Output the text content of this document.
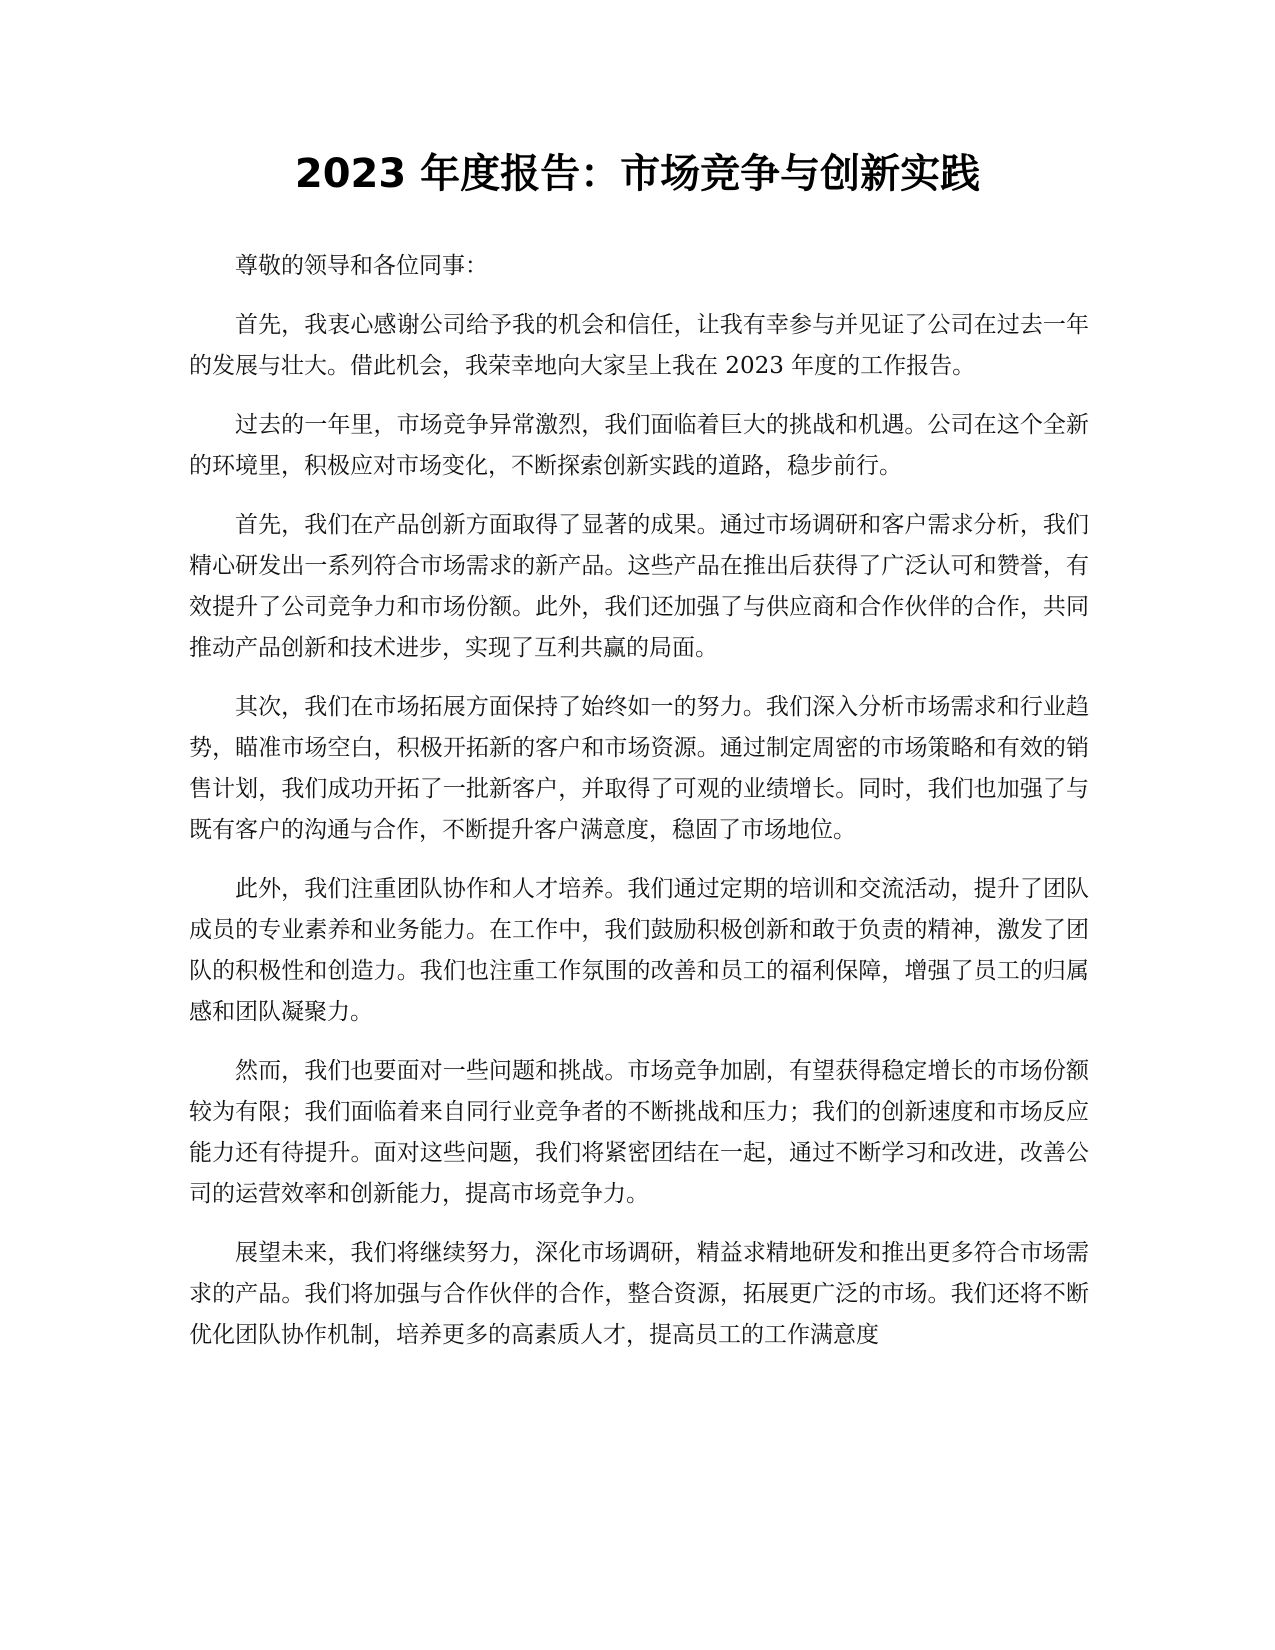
2023 年度报告：市场竞争与创新实践

尊敬的领导和各位同事：

首先，我衷心感谢公司给予我的机会和信任，让我有幸参与并见证了公司在过去一年的发展与壮大。借此机会，我荣幸地向大家呈上我在 2023 年度的工作报告。

过去的一年里，市场竞争异常激烈，我们面临着巨大的挑战和机遇。公司在这个全新的环境里，积极应对市场变化，不断探索创新实践的道路，稳步前行。

首先，我们在产品创新方面取得了显著的成果。通过市场调研和客户需求分析，我们精心研发出一系列符合市场需求的新产品。这些产品在推出后获得了广泛认可和赞誉，有效提升了公司竞争力和市场份额。此外，我们还加强了与供应商和合作伙伴的合作，共同推动产品创新和技术进步，实现了互利共赢的局面。

其次，我们在市场拓展方面保持了始终如一的努力。我们深入分析市场需求和行业趋势，瞄准市场空白，积极开拓新的客户和市场资源。通过制定周密的市场策略和有效的销售计划，我们成功开拓了一批新客户，并取得了可观的业绩增长。同时，我们也加强了与既有客户的沟通与合作，不断提升客户满意度，稳固了市场地位。

此外，我们注重团队协作和人才培养。我们通过定期的培训和交流活动，提升了团队成员的专业素养和业务能力。在工作中，我们鼓励积极创新和敢于负责的精神，激发了团队的积极性和创造力。我们也注重工作氛围的改善和员工的福利保障，增强了员工的归属感和团队凝聚力。

然而，我们也要面对一些问题和挑战。市场竞争加剧，有望获得稳定增长的市场份额较为有限；我们面临着来自同行业竞争者的不断挑战和压力；我们的创新速度和市场反应能力还有待提升。面对这些问题，我们将紧密团结在一起，通过不断学习和改进，改善公司的运营效率和创新能力，提高市场竞争力。

展望未来，我们将继续努力，深化市场调研，精益求精地研发和推出更多符合市场需求的产品。我们将加强与合作伙伴的合作，整合资源，拓展更广泛的市场。我们还将不断优化团队协作机制，培养更多的高素质人才，提高员工的工作满意度
